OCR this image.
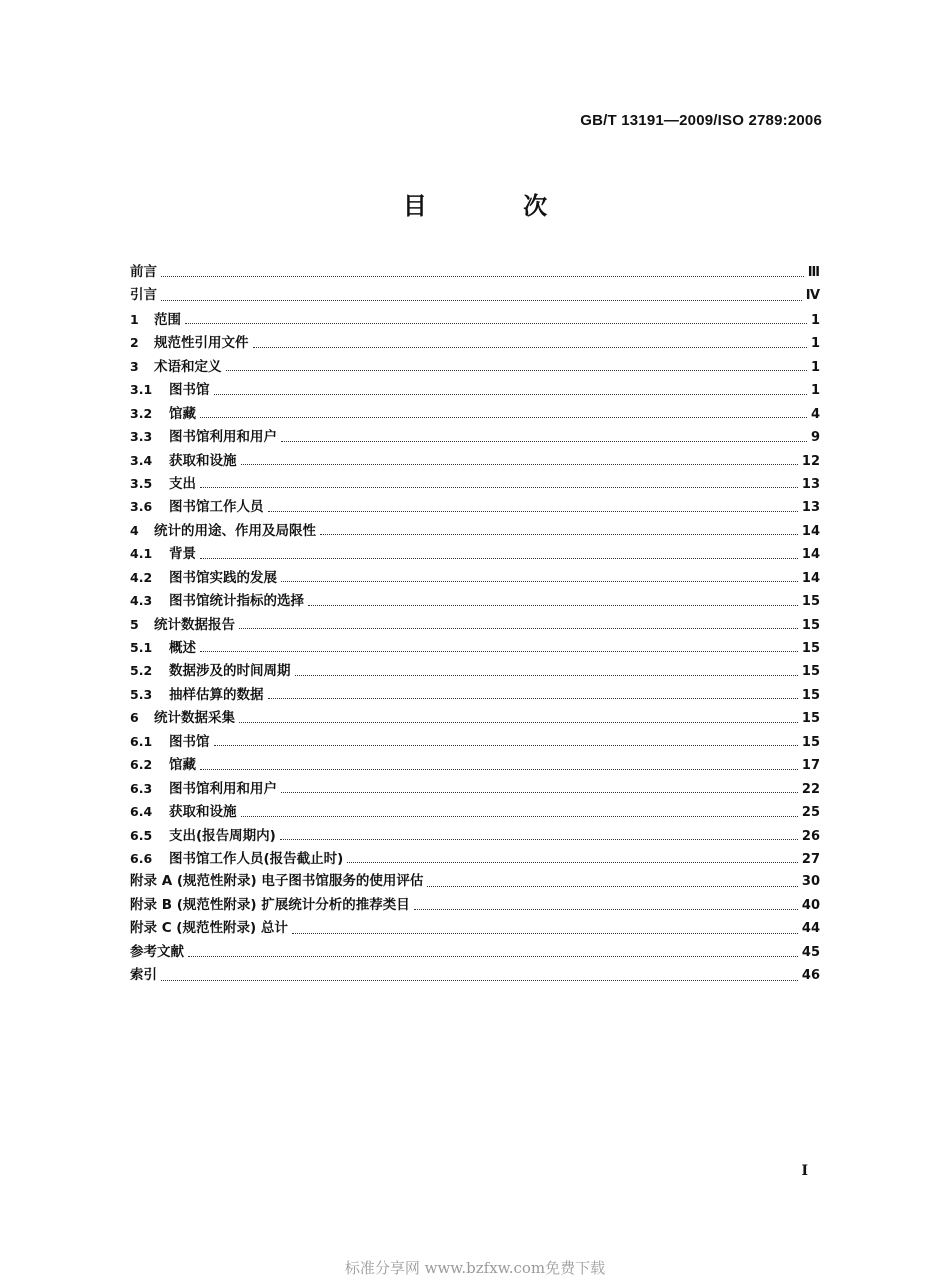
GB/T 13191—2009/ISO 2789:2006
目 次
前言	Ⅲ
引言	Ⅳ
1	范围	1
2	规范性引用文件	1
3	术语和定义	1
3.1	图书馆	1
3.2	馆藏	4
3.3	图书馆利用和用户	9
3.4	获取和设施	12
3.5	支出	13
3.6	图书馆工作人员	13
4	统计的用途、作用及局限性	14
4.1	背景	14
4.2	图书馆实践的发展	14
4.3	图书馆统计指标的选择	15
5	统计数据报告	15
5.1	概述	15
5.2	数据涉及的时间周期	15
5.3	抽样估算的数据	15
6	统计数据采集	15
6.1	图书馆	15
6.2	馆藏	17
6.3	图书馆利用和用户	22
6.4	获取和设施	25
6.5	支出(报告周期内)	26
6.6	图书馆工作人员(报告截止时)	27
附录 A (规范性附录) 电子图书馆服务的使用评估	30
附录 B (规范性附录) 扩展统计分析的推荐类目	40
附录 C (规范性附录) 总计	44
参考文献	45
索引	46
I
标准分享网 www.bzfxw.com免费下载
